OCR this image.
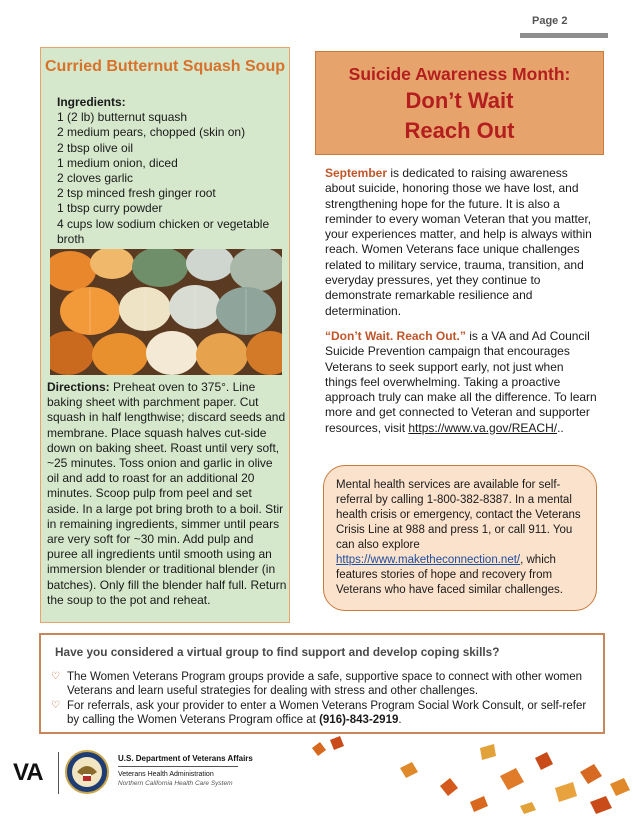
Page 2
Curried Butternut Squash Soup
Ingredients:
1 (2 lb) butternut squash
2 medium pears, chopped (skin on)
2 tbsp olive oil
1 medium onion, diced
2 cloves garlic
2 tsp minced fresh ginger root
1 tbsp curry powder
4 cups low sodium chicken or vegetable broth
Directions: Preheat oven to 375°. Line baking sheet with parchment paper. Cut squash in half lengthwise; discard seeds and membrane. Place squash halves cut-side down on baking sheet. Roast until very soft, ~25 minutes. Toss onion and garlic in olive oil and add to roast for an additional 20 minutes. Scoop pulp from peel and set aside. In a large pot bring broth to a boil. Stir in remaining ingredients, simmer until pears are very soft for ~30 min. Add pulp and puree all ingredients until smooth using an immersion blender or traditional blender (in batches). Only fill the blender half full. Return the soup to the pot and reheat.
Suicide Awareness Month:
Don’t Wait
Reach Out
September is dedicated to raising awareness about suicide, honoring those we have lost, and strengthening hope for the future. It is also a reminder to every woman Veteran that you matter, your experiences matter, and help is always within reach. Women Veterans face unique challenges related to military service, trauma, transition, and everyday pressures, yet they continue to demonstrate remarkable resilience and determination.
“Don’t Wait. Reach Out.” is a VA and Ad Council Suicide Prevention campaign that encourages Veterans to seek support early, not just when things feel overwhelming. Taking a proactive approach truly can make all the difference. To learn more and get connected to Veteran and supporter resources, visit https://www.va.gov/REACH/..
Mental health services are available for self-referral by calling 1-800-382-8387. In a mental health crisis or emergency, contact the Veterans Crisis Line at 988 and press 1, or call 911. You can also explore https://www.maketheconnection.net/, which features stories of hope and recovery from Veterans who have faced similar challenges.
Have you considered a virtual group to find support and develop coping skills?
♡ The Women Veterans Program groups provide a safe, supportive space to connect with other women Veterans and learn useful strategies for dealing with stress and other challenges.
♡ For referrals, ask your provider to enter a Women Veterans Program Social Work Consult, or self-refer by calling the Women Veterans Program office at (916)-843-2919.
VA
U.S. Department of Veterans Affairs
Veterans Health Administration
Northern California Health Care System
